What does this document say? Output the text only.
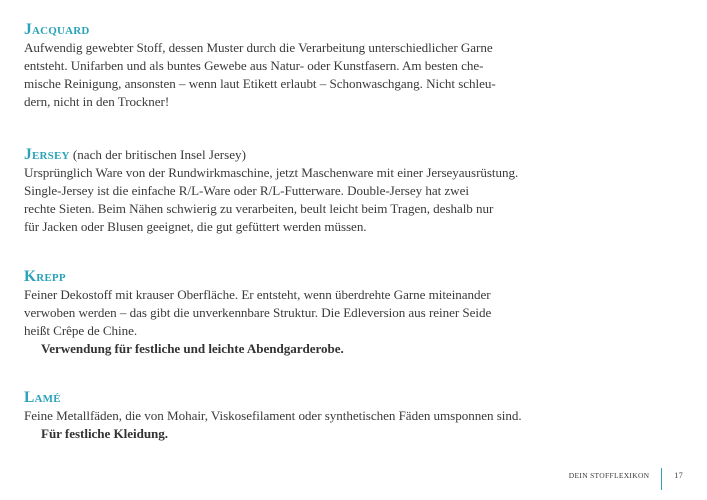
Jacquard
Aufwendig gewebter Stoff, dessen Muster durch die Verarbeitung unterschiedlicher Garne
entsteht. Unifarben und als buntes Gewebe aus Natur- oder Kunstfasern. Am besten che-
mische Reinigung, ansonsten – wenn laut Etikett erlaubt – Schonwaschgang. Nicht schleu-
dern, nicht in den Trockner!
Jersey (nach der britischen Insel Jersey)
Ursprünglich Ware von der Rundwirkmaschine, jetzt Maschenware mit einer Jerseyausrüstung.
Single-Jersey ist die einfache R/L-Ware oder R/L-Futterware. Double-Jersey hat zwei
rechte Sieten. Beim Nähen schwierig zu verarbeiten, beult leicht beim Tragen, deshalb nur
für Jacken oder Blusen geeignet, die gut gefüttert werden müssen.
Krepp
Feiner Dekostoff mit krauser Oberfläche. Er entsteht, wenn überdrehte Garne miteinander
verwoben werden – das gibt die unverkennbare Struktur. Die Edleversion aus reiner Seide
heißt Crêpe de Chine.
Verwendung für festliche und leichte Abendgarderobe.
Lamé
Feine Metallfäden, die von Mohair, Viskosefilament oder synthetischen Fäden umsponnen sind.
Für festliche Kleidung.
DEIN STOFFLEXIKON	17
